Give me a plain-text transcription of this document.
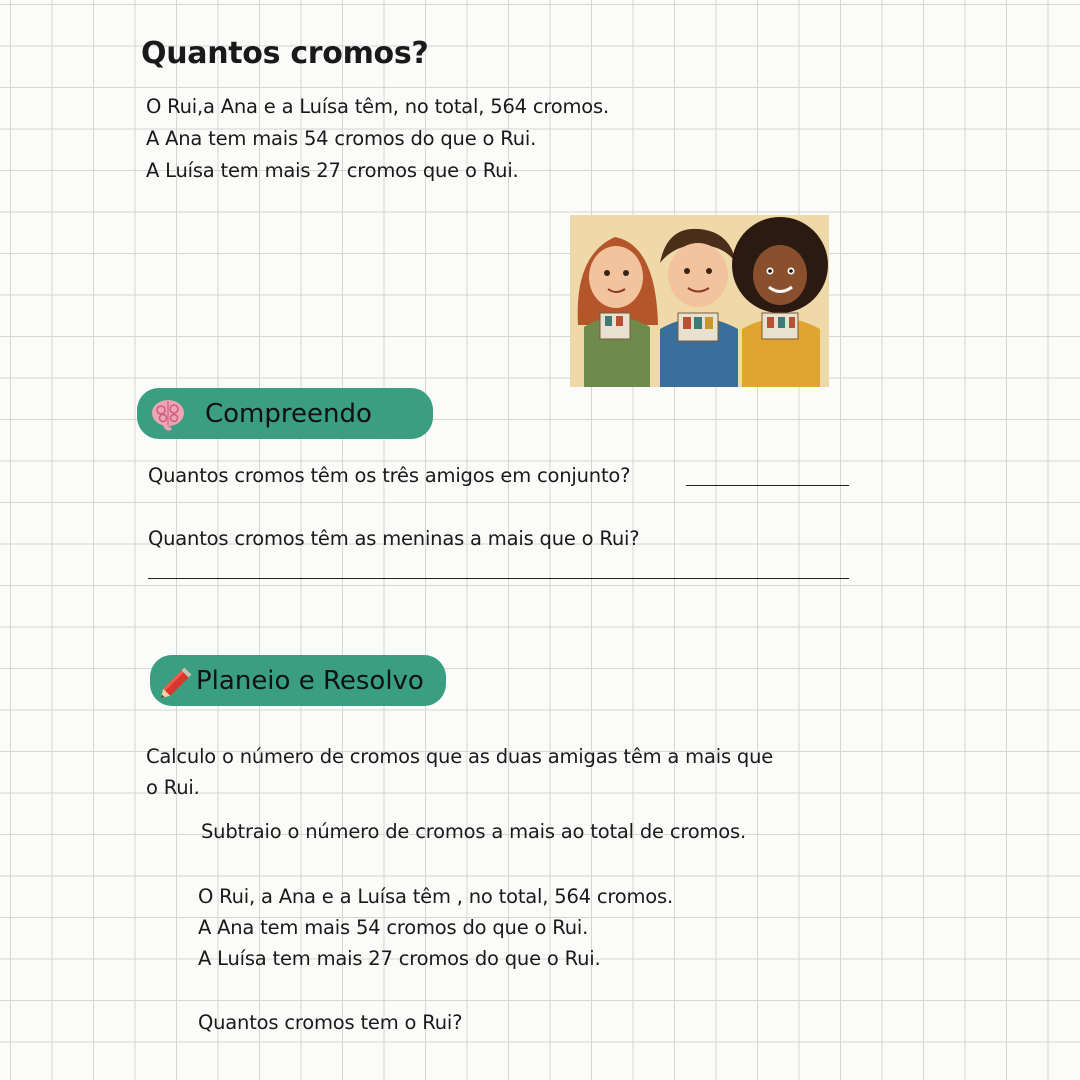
Quantos cromos?
O Rui,a Ana e a Luísa têm, no total, 564 cromos.
A Ana tem mais 54 cromos do que o Rui.
A Luísa tem mais 27 cromos que o Rui.
Compreendo
Quantos cromos têm os três amigos em conjunto?
Quantos cromos têm as meninas a mais que o Rui?
Planeio e Resolvo
Calculo o número de cromos que as duas amigas têm a mais que
o Rui.
Subtraio o número de cromos a mais ao total de cromos.
O Rui, a Ana e a Luísa têm , no total, 564 cromos.
A Ana tem mais 54 cromos do que o Rui.
A Luísa tem mais 27 cromos do que o Rui.
Quantos cromos tem o Rui?
